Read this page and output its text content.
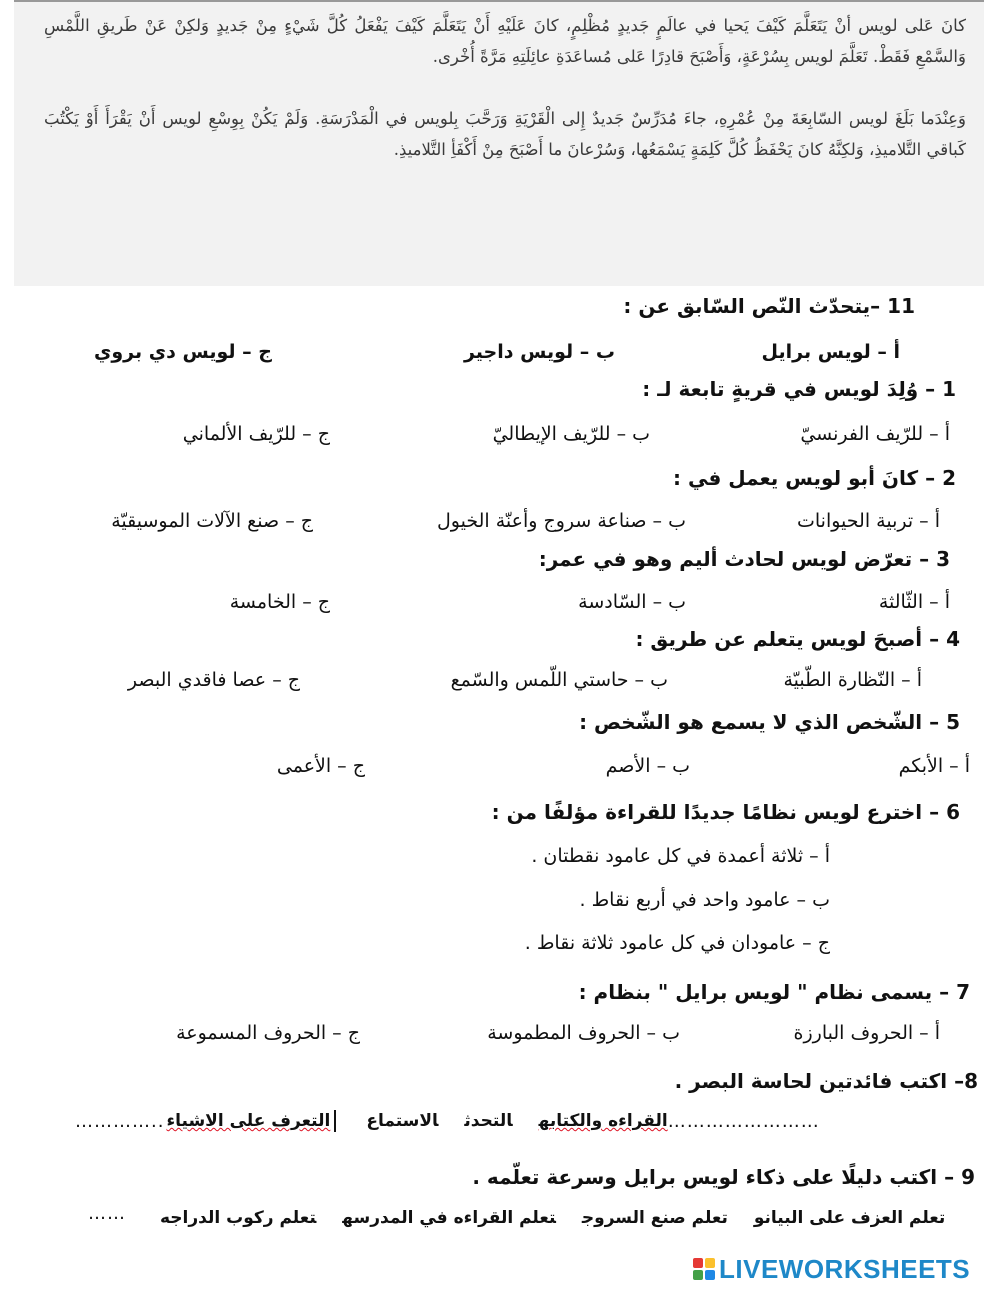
كانَ عَلى لويس أنْ يَتَعَلَّمَ كَيْفَ يَحيا في عالَمٍ جَديدٍ مُظْلِمٍ، كانَ عَلَيْهِ أَنْ يَتَعَلَّمَ كَيْفَ يَفْعَلُ كُلَّ شَيْءٍ مِنْ جَديدٍ وَلكِنْ عَنْ طَريقِ اللَّمْسِ وَالسَّمْعِ فَقَطْ. تَعَلَّمَ لويس بِسُرْعَةٍ، وَأَصْبَحَ قادِرًا عَلى مُساعَدَةِ عائِلَتِهِ مَرَّةً أُخْرى.

وَعِنْدَما بَلَغَ لويس السّابِعَةَ مِنْ عُمْرِهِ، جاءَ مُدَرِّسٌ جَديدٌ إِلى الْقَرْيَةِ وَرَحَّبَ بِلويس في الْمَدْرَسَةِ. وَلَمْ يَكُنْ بِوِسْعِ لويس أَنْ يَقْرَأَ أَوْ يَكْتُبَ كَباقي التَّلاميذِ، وَلكِنَّهُ كانَ يَحْفَظُ كُلَّ كَلِمَةٍ يَسْمَعُها، وَسُرْعانَ ما أَصْبَحَ مِنْ أَكْفَأِ التَّلاميذِ.

11 –يتحدّث النّص السّابق عن :
أ – لويس برايل
ب – لويس داجير
ج – لويس دي بروي
1 – وُلِدَ لويس في قريةٍ تابعة لـ :
أ – للرّيف الفرنسيّ
ب – للرّيف الإيطاليّ
ج – للرّيف الألماني
2 – كانَ أبو لويس يعمل في :
أ – تربية الحيوانات
ب – صناعة سروج وأعنّة الخيول
ج – صنع الآلات الموسيقيّة
3 – تعرّض لويس لحادث أليم وهو في عمر:
أ – الثّالثة
ب – السّادسة
ج – الخامسة
4 – أصبحَ لويس يتعلم عن طريق :
أ – النّظارة الطّبيّة
ب – حاستي اللّمس والسّمع
ج – عصا فاقدي البصر
5 – الشّخص الذي لا يسمع هو الشّخص :
أ – الأبكم
ب – الأصم
ج – الأعمى
6 – اخترع لويس نظامًا جديدًا للقراءة مؤلفًا من :
أ – ثلاثة أعمدة في كل عامود نقطتان .
ب – عامود واحد في أربع نقاط .
ج – عامودان في كل عامود ثلاثة نقاط .
7 – يسمى نظام " لويس برايل " بنظام :
أ – الحروف البارزة
ب – الحروف المطموسة
ج – الحروف المسموعة
8– اكتب فائدتين لحاسة البصر .
…………..	القراءه والكتابهالتحدثالاستماعالتعرف على الاشياء	……………………
9 – اكتب دليلًا على ذكاء لويس برايل وسرعة تعلّمه .
……	تعلم العزف على البيانوتعلم صنع السروجتعلم القراءه في المدرسهتعلم ركوب الدراجه
LIVEWORKSHEETS
